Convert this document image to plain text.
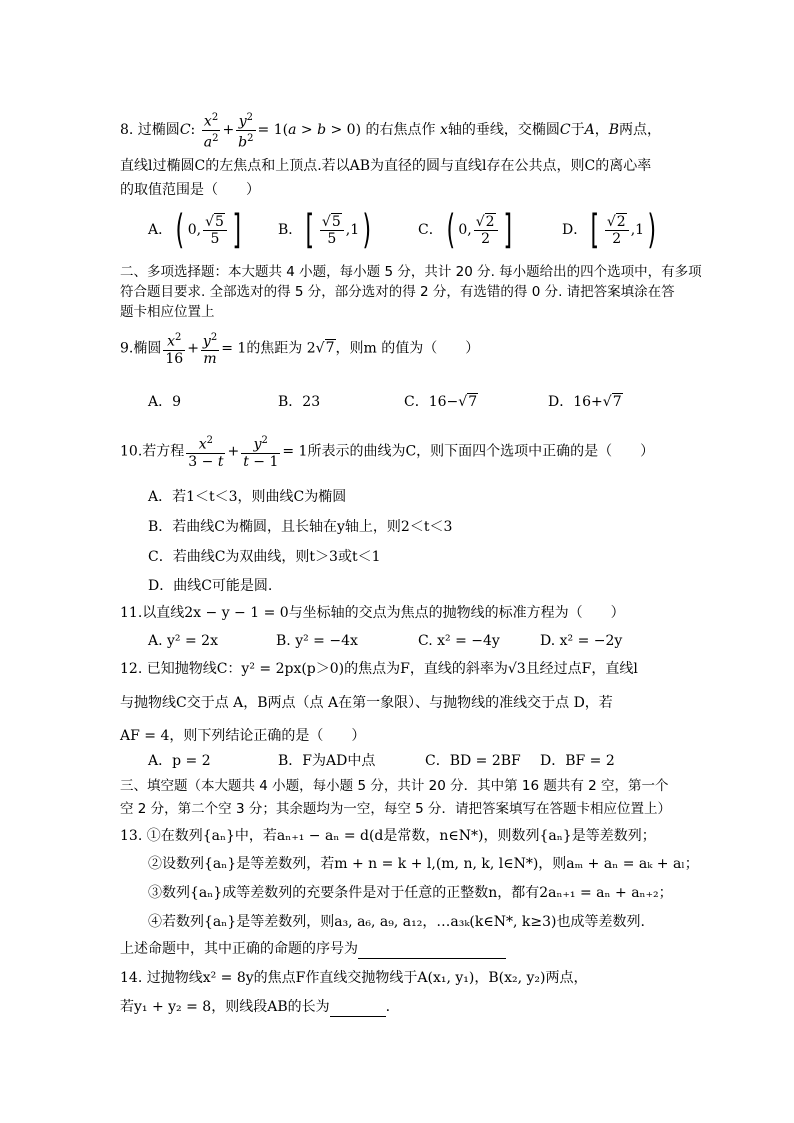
8. 过椭圆C: $\frac{x^2}{a^2} + \frac{y^2}{b^2} = 1(a > b > 0)$ 的右焦点作 x轴的垂线，交椭圆C于A，B两点，
直线l过椭圆C的左焦点和上顶点.若以AB为直径的圆与直线l存在公共点，则C的离心率
的取值范围是（　　）
A．( 0, $\frac{√5}{5}$ ]	B．[ $\frac{√5}{5} ,1$)	C．( 0, $\frac{√2}{2}$ ]	D．[ $\frac{√2}{2} ,1$)
二、多项选择题：本大题共 4 小题，每小题 5 分，共计 20 分. 每小题给出的四个选项中，有多项
符合题目要求. 全部选对的得 5 分，部分选对的得 2 分，有选错的得 0 分. 请把答案填涂在答
题卡相应位置上
9.椭圆 $\frac{x^2}{16} + \frac{y^2}{m} = 1$的焦距为 2√7，则m 的值为（　　）
A．9	B．23	C．16−√7	D．16+√7
10.若方程 $\frac{x^2}{3 - t} + \frac{y^2}{t - 1} = 1$所表示的曲线为C，则下面四个选项中正确的是（　　）
A．若1＜t＜3，则曲线C为椭圆
B．若曲线C为椭圆，且长轴在y轴上，则2＜t＜3
C．若曲线C为双曲线，则t＞3或t＜1
D．曲线C可能是圆.
11.以直线2x − y − 1 = 0与坐标轴的交点为焦点的抛物线的标准方程为（　　）
A. y² = 2x	B. y² = −4x	C. x² = −4y	D. x² = −2y
12. 已知抛物线C：y² = 2px(p＞0)的焦点为F，直线的斜率为√3且经过点F，直线l
与抛物线C交于点 A，B两点（点 A在第一象限）、与抛物线的准线交于点 D，若
AF = 4，则下列结论正确的是（　　）
A．p = 2	B．F为AD中点	C．BD = 2BF D．BF = 2
三、填空题（本大题共 4 小题，每小题 5 分，共计 20 分．其中第 16 题共有 2 空，第一个
空 2 分，第二个空 3 分；其余题均为一空，每空 5 分．请把答案填写在答题卡相应位置上）
13. ①在数列{aₙ}中，若aₙ₊₁ − aₙ = d(d是常数，n∈N*)，则数列{aₙ}是等差数列；
②设数列{aₙ}是等差数列，若m + n = k + l,(m, n, k, l∈N*)，则aₘ + aₙ = aₖ + aₗ；
③数列{aₙ}成等差数列的充要条件是对于任意的正整数n，都有2aₙ₊₁ = aₙ + aₙ₊₂；
④若数列{aₙ}是等差数列，则a₃, a₆, a₉, a₁₂，…a₃ₖ(k∈N*, k≥3)也成等差数列.
上述命题中，其中正确的命题的序号为
14. 过抛物线x² = 8y的焦点F作直线交抛物线于A(x₁, y₁)，B(x₂, y₂)两点，
若y₁ + y₂ = 8，则线段AB的长为	.
